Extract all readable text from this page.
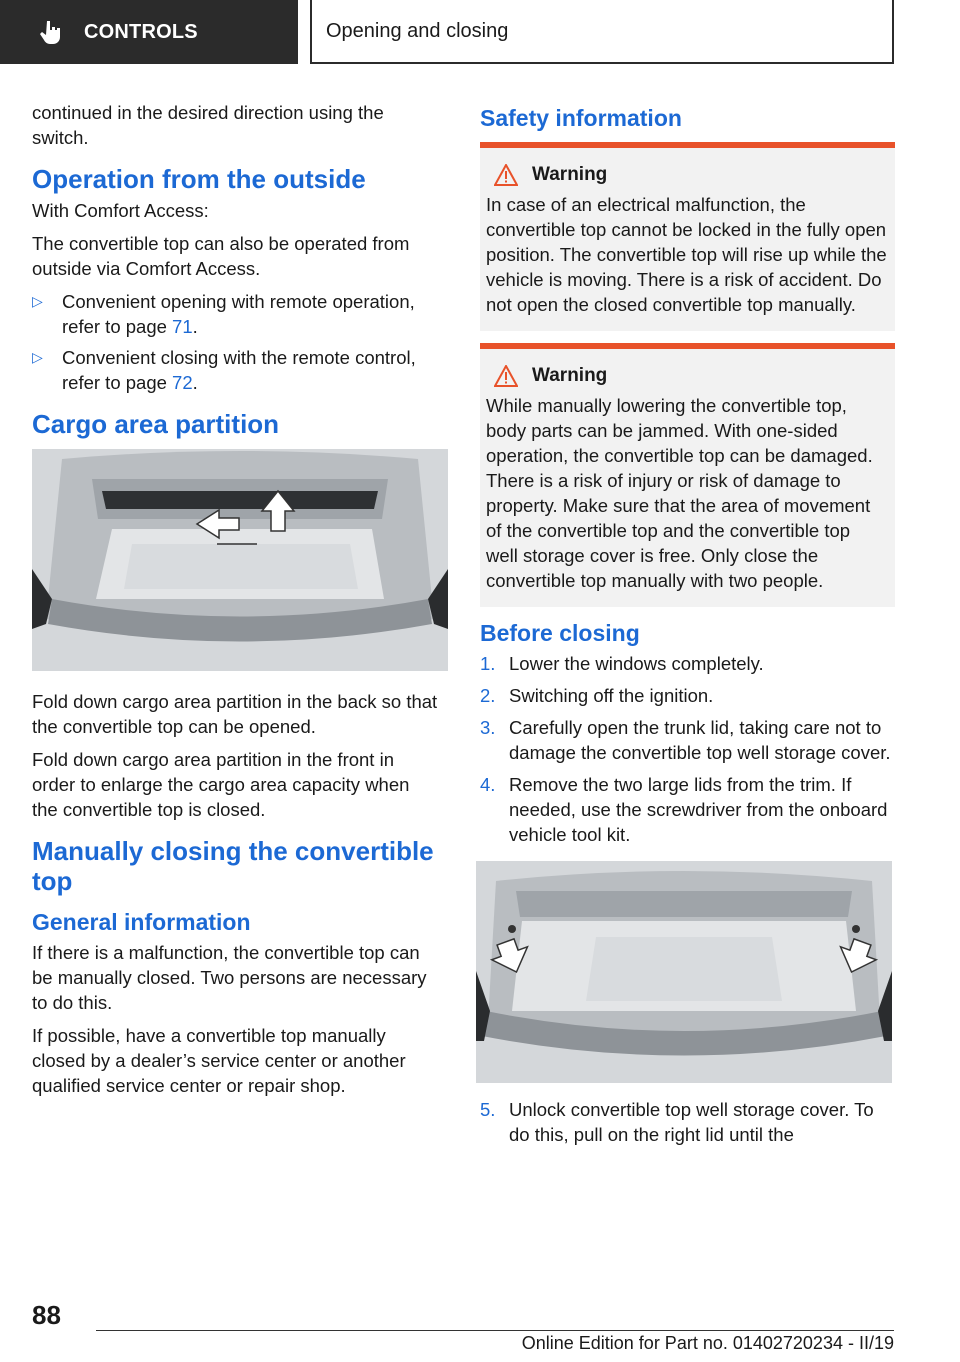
CONTROLS	Opening and closing

continued in the desired direction using the switch.

Operation from the outside

With Comfort Access:

The convertible top can also be operated from outside via Comfort Access.

▷ Convenient opening with remote operation, refer to page 71.
▷ Convenient closing with the remote control, refer to page 72.
Cargo area partition

Fold down cargo area partition in the back so that the convertible top can be opened.

Fold down cargo area partition in the front in order to enlarge the cargo area capacity when the convertible top is closed.

Manually closing the convertible top
General information

If there is a malfunction, the convertible top can be manually closed. Two persons are necessary to do this.

If possible, have a convertible top manually closed by a dealer’s service center or another qualified service center or repair shop.

Safety information
Warning

In case of an electrical malfunction, the convertible top cannot be locked in the fully open position. The convertible top will rise up while the vehicle is moving. There is a risk of accident. Do not open the closed convertible top manually.

Warning

While manually lowering the convertible top, body parts can be jammed. With one-sided operation, the convertible top can be damaged. There is a risk of injury or risk of damage to property. Make sure that the area of movement of the convertible top and the convertible top well storage cover is free. Only close the convertible top manually with two people.

Before closing
1. Lower the windows completely.
2. Switching off the ignition.
3. Carefully open the trunk lid, taking care not to damage the convertible top well storage cover.
4. Remove the two large lids from the trim. If needed, use the screwdriver from the onboard vehicle tool kit.
5. Unlock convertible top well storage cover. To do this, pull on the right lid until the
88
Online Edition for Part no. 01402720234 - II/19
